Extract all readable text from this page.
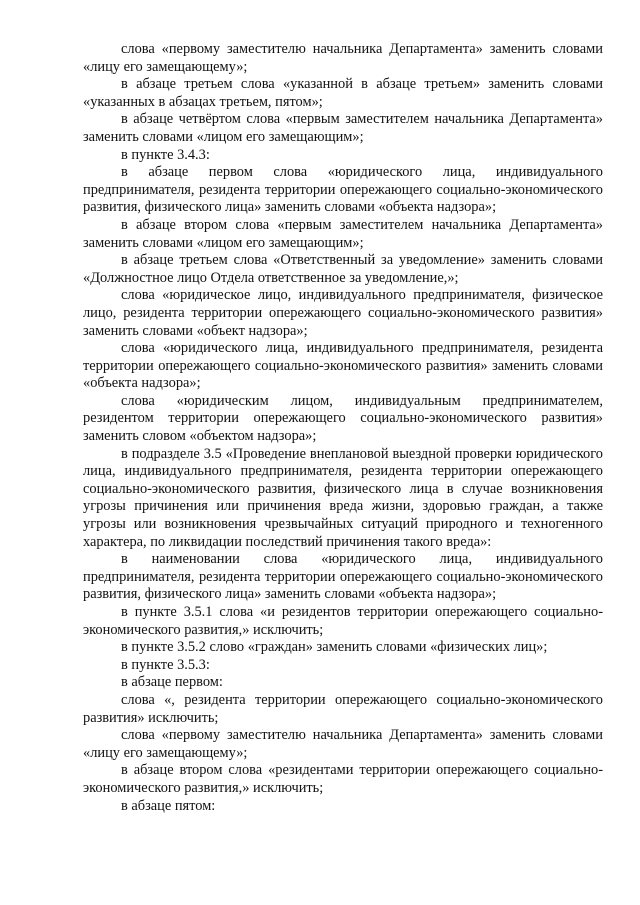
слова «первому заместителю начальника Департамента» заменить словами «лицу его замещающему»;

в абзаце третьем слова «указанной в абзаце третьем» заменить словами «указанных в абзацах третьем, пятом»;

в абзаце четвёртом слова «первым заместителем начальника Департамента» заменить словами «лицом его замещающим»;

в пункте 3.4.3:

в абзаце первом слова «юридического лица, индивидуального предпринимателя, резидента территории опережающего социально-экономического развития, физического лица» заменить словами «объекта надзора»;

в абзаце втором слова «первым заместителем начальника Департамента» заменить словами «лицом его замещающим»;

в абзаце третьем слова «Ответственный за уведомление» заменить словами «Должностное лицо Отдела ответственное за уведомление,»;

слова «юридическое лицо, индивидуального предпринимателя, физическое лицо, резидента территории опережающего социально-экономического развития» заменить словами «объект надзора»;

слова «юридического лица, индивидуального предпринимателя, резидента территории опережающего социально-экономического развития» заменить словами «объекта надзора»;

слова «юридическим лицом, индивидуальным предпринимателем, резидентом территории опережающего социально-экономического развития» заменить словом «объектом надзора»;

в подразделе 3.5 «Проведение внеплановой выездной проверки юридического лица, индивидуального предпринимателя, резидента территории опережающего социально-экономического развития, физического лица в случае возникновения угрозы причинения или причинения вреда жизни, здоровью граждан, а также угрозы или возникновения чрезвычайных ситуаций природного и техногенного характера, по ликвидации последствий причинения такого вреда»:

в наименовании слова «юридического лица, индивидуального предпринимателя, резидента территории опережающего социально-экономического развития, физического лица» заменить словами «объекта надзора»;

в пункте 3.5.1 слова «и резидентов территории опережающего социально-экономического развития,» исключить;

в пункте 3.5.2 слово «граждан» заменить словами «физических лиц»;

в пункте 3.5.3:

в абзаце первом:

слова «, резидента территории опережающего социально-экономического развития» исключить;

слова «первому заместителю начальника Департамента» заменить словами «лицу его замещающему»;

в абзаце втором слова «резидентами территории опережающего социально-экономического развития,» исключить;

в абзаце пятом:
